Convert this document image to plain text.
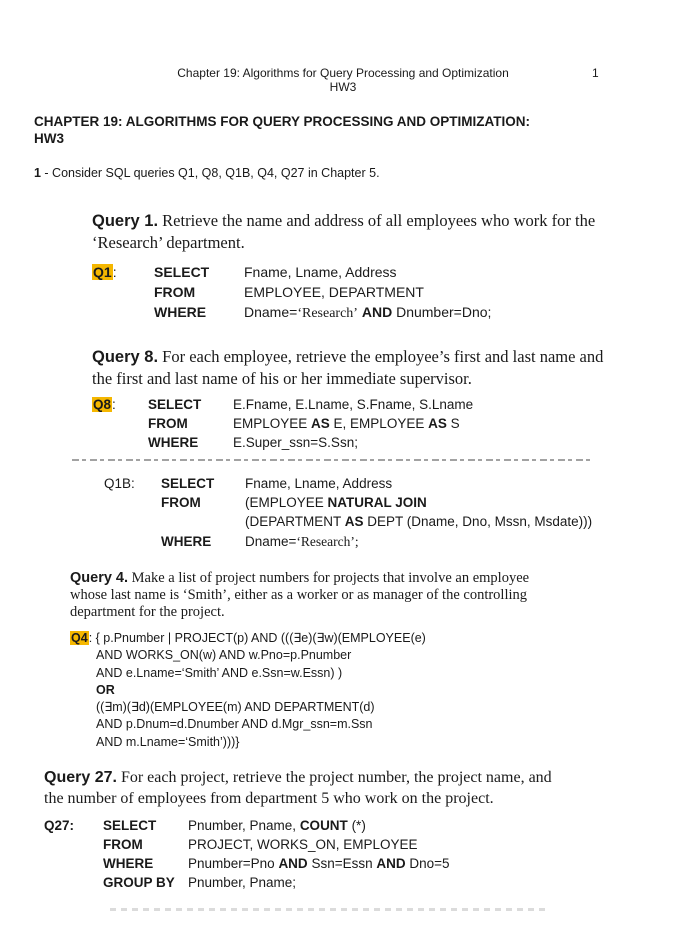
Chapter 19: Algorithms for Query Processing and Optimization
HW3
1
CHAPTER 19: ALGORITHMS FOR QUERY PROCESSING AND OPTIMIZATION:
HW3
1 - Consider SQL queries Q1, Q8, Q1B, Q4, Q27 in Chapter 5.
Query 1. Retrieve the name and address of all employees who work for the
‘Research’ department.
Q1:	SELECT Fname, Lname, Address
FROM	EMPLOYEE, DEPARTMENT
WHERE	Dname=‘Research’ AND Dnumber=Dno;
Query 8. For each employee, retrieve the employee’s first and last name and
the first and last name of his or her immediate supervisor.
Q8: SELECT E.Fname, E.Lname, S.Fname, S.Lname
FROM	EMPLOYEE AS E, EMPLOYEE AS S
WHERE	E.Super_ssn=S.Ssn;
Q1B: SELECT Fname, Lname, Address
FROM	(EMPLOYEE NATURAL JOIN
(DEPARTMENT AS DEPT (Dname, Dno, Mssn, Msdate)))
WHERE	Dname=‘Research’;
Query 4. Make a list of project numbers for projects that involve an employee
whose last name is ‘Smith’, either as a worker or as manager of the controlling
department for the project.
Q4: { p.Pnumber | PROJECT(p) AND (((∃e)(∃w)(EMPLOYEE(e)
AND WORKS_ON(w) AND w.Pno=p.Pnumber
AND e.Lname=‘Smith’ AND e.Ssn=w.Essn) )
OR
((∃m)(∃d)(EMPLOYEE(m) AND DEPARTMENT(d)
AND p.Dnum=d.Dnumber AND d.Mgr_ssn=m.Ssn
AND m.Lname=‘Smith’)))}
Query 27. For each project, retrieve the project number, the project name, and
the number of employees from department 5 who work on the project.
Q27: SELECT Pnumber, Pname, COUNT (*)
FROM	PROJECT, WORKS_ON, EMPLOYEE
WHERE	Pnumber=Pno AND Ssn=Essn AND Dno=5
GROUP BY Pnumber, Pname;
